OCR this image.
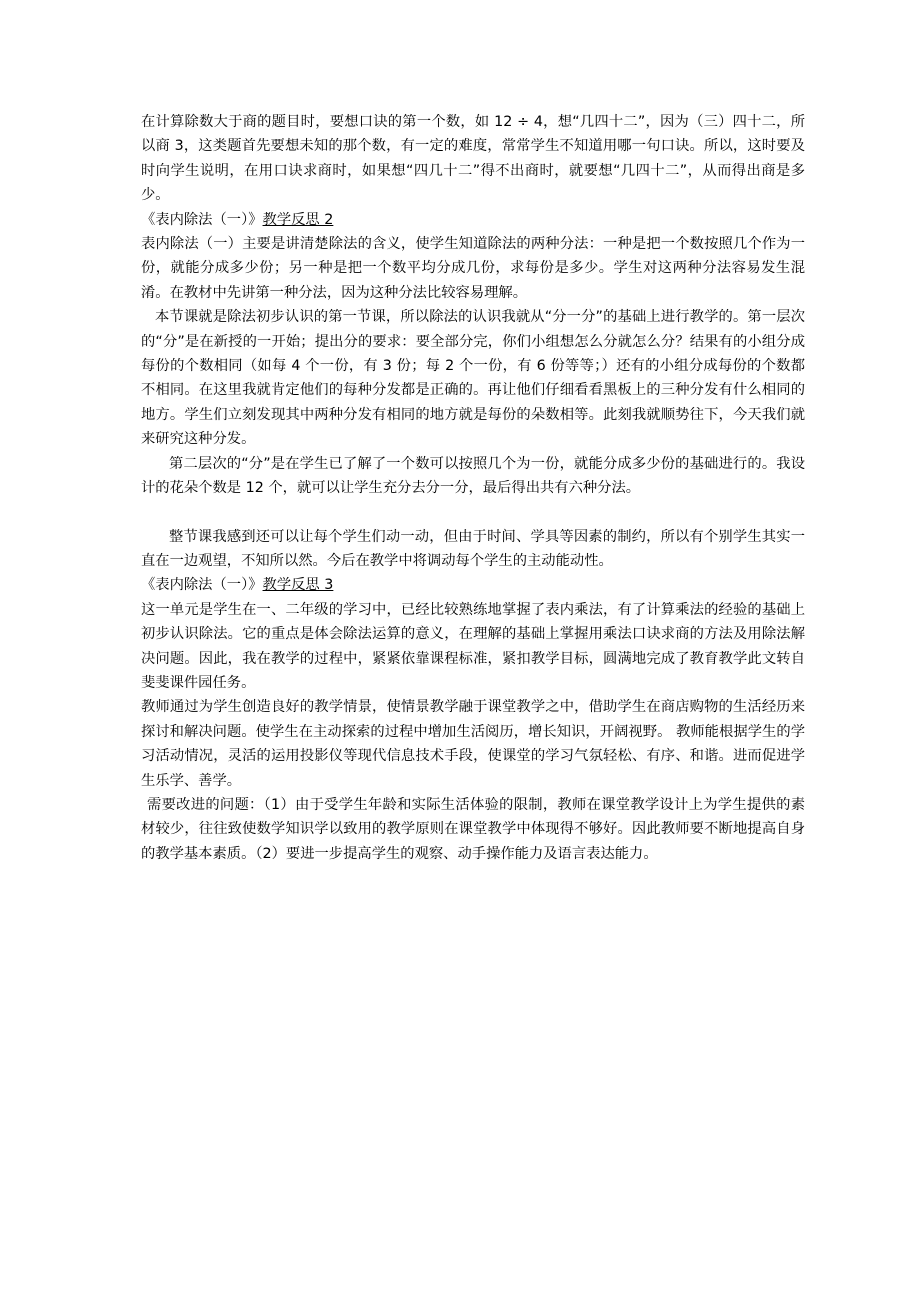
在计算除数大于商的题目时，要想口诀的第一个数，如 12 ÷ 4，想“几四十二”，因为（三）四十二，所以商 3，这类题首先要想未知的那个数，有一定的难度，常常学生不知道用哪一句口诀。所以，这时要及时向学生说明，在用口诀求商时，如果想“四几十二”得不出商时，就要想“几四十二”，从而得出商是多少。

《表内除法（一）》教学反思 2

表内除法（一）主要是讲清楚除法的含义，使学生知道除法的两种分法：一种是把一个数按照几个作为一份，就能分成多少份；另一种是把一个数平均分成几份，求每份是多少。学生对这两种分法容易发生混淆。在教材中先讲第一种分法，因为这种分法比较容易理解。

本节课就是除法初步认识的第一节课，所以除法的认识我就从“分一分”的基础上进行教学的。第一层次的“分”是在新授的一开始；提出分的要求：要全部分完，你们小组想怎么分就怎么分？结果有的小组分成每份的个数相同（如每 4 个一份，有 3 份；每 2 个一份，有 6 份等等；）还有的小组分成每份的个数都不相同。在这里我就肯定他们的每种分发都是正确的。再让他们仔细看看黑板上的三种分发有什么相同的地方。学生们立刻发现其中两种分发有相同的地方就是每份的朵数相等。此刻我就顺势往下，今天我们就来研究这种分发。

第二层次的“分”是在学生已了解了一个数可以按照几个为一份，就能分成多少份的基础进行的。我设计的花朵个数是 12 个，就可以让学生充分去分一分，最后得出共有六种分法。

整节课我感到还可以让每个学生们动一动，但由于时间、学具等因素的制约，所以有个别学生其实一直在一边观望，不知所以然。今后在教学中将调动每个学生的主动能动性。

《表内除法（一）》教学反思 3

这一单元是学生在一、二年级的学习中，已经比较熟练地掌握了表内乘法，有了计算乘法的经验的基础上初步认识除法。它的重点是体会除法运算的意义，在理解的基础上掌握用乘法口诀求商的方法及用除法解决问题。因此，我在教学的过程中，紧紧依靠课程标准，紧扣教学目标，圆满地完成了教育教学此文转自斐斐课件园任务。

教师通过为学生创造良好的教学情景，使情景教学融于课堂教学之中，借助学生在商店购物的生活经历来探讨和解决问题。使学生在主动探索的过程中增加生活阅历，增长知识，开阔视野。 教师能根据学生的学习活动情况，灵活的运用投影仪等现代信息技术手段，使课堂的学习气氛轻松、有序、和谐。进而促进学生乐学、善学。

需要改进的问题：（1）由于受学生年龄和实际生活体验的限制，教师在课堂教学设计上为学生提供的素材较少，往往致使数学知识学以致用的教学原则在课堂教学中体现得不够好。因此教师要不断地提高自身的教学基本素质。（2）要进一步提高学生的观察、动手操作能力及语言表达能力。
